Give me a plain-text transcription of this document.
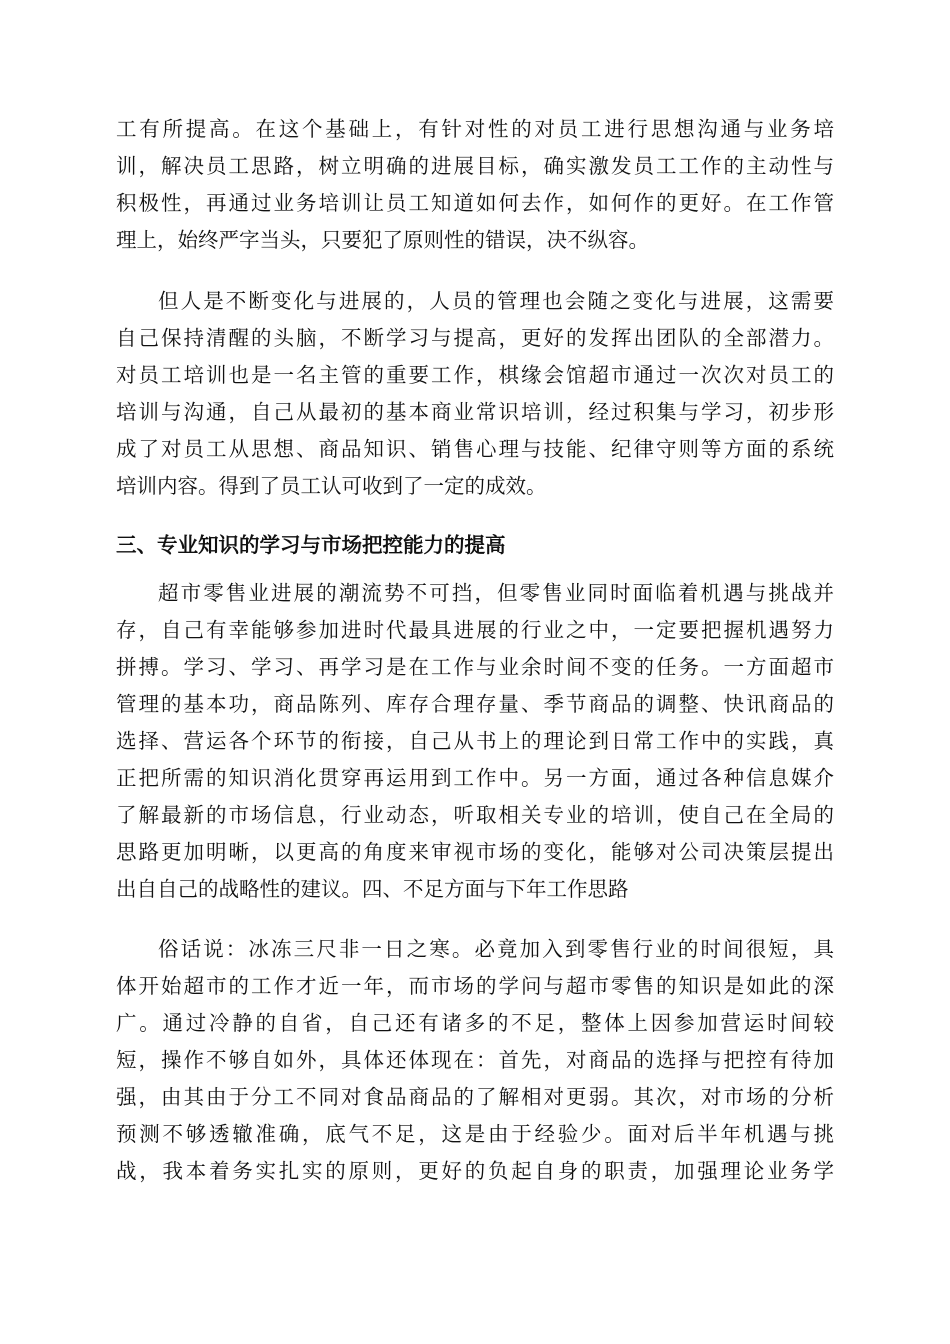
工有所提高。在这个基础上，有针对性的对员工进行思想沟通与业务培
训，解决员工思路，树立明确的进展目标，确实激发员工工作的主动性与
积极性，再通过业务培训让员工知道如何去作，如何作的更好。在工作管
理上，始终严字当头，只要犯了原则性的错误，决不纵容。
但人是不断变化与进展的，人员的管理也会随之变化与进展，这需要
自己保持清醒的头脑，不断学习与提高，更好的发挥出团队的全部潜力。
对员工培训也是一名主管的重要工作，棋缘会馆超市通过一次次对员工的
培训与沟通，自己从最初的基本商业常识培训，经过积集与学习，初步形
成了对员工从思想、商品知识、销售心理与技能、纪律守则等方面的系统
培训内容。得到了员工认可收到了一定的成效。
三、专业知识的学习与市场把控能力的提高
超市零售业进展的潮流势不可挡，但零售业同时面临着机遇与挑战并
存，自己有幸能够参加进时代最具进展的行业之中，一定要把握机遇努力
拼搏。学习、学习、再学习是在工作与业余时间不变的任务。一方面超市
管理的基本功，商品陈列、库存合理存量、季节商品的调整、快讯商品的
选择、营运各个环节的衔接，自己从书上的理论到日常工作中的实践，真
正把所需的知识消化贯穿再运用到工作中。另一方面，通过各种信息媒介
了解最新的市场信息，行业动态，听取相关专业的培训，使自己在全局的
思路更加明晰，以更高的角度来审视市场的变化，能够对公司决策层提出
出自自己的战略性的建议。四、不足方面与下年工作思路
俗话说：冰冻三尺非一日之寒。必竟加入到零售行业的时间很短，具
体开始超市的工作才近一年，而市场的学问与超市零售的知识是如此的深
广。通过冷静的自省，自己还有诸多的不足，整体上因参加营运时间较
短，操作不够自如外，具体还体现在：首先，对商品的选择与把控有待加
强，由其由于分工不同对食品商品的了解相对更弱。其次，对市场的分析
预测不够透辙准确，底气不足，这是由于经验少。面对后半年机遇与挑
战，我本着务实扎实的原则，更好的负起自身的职责，加强理论业务学
